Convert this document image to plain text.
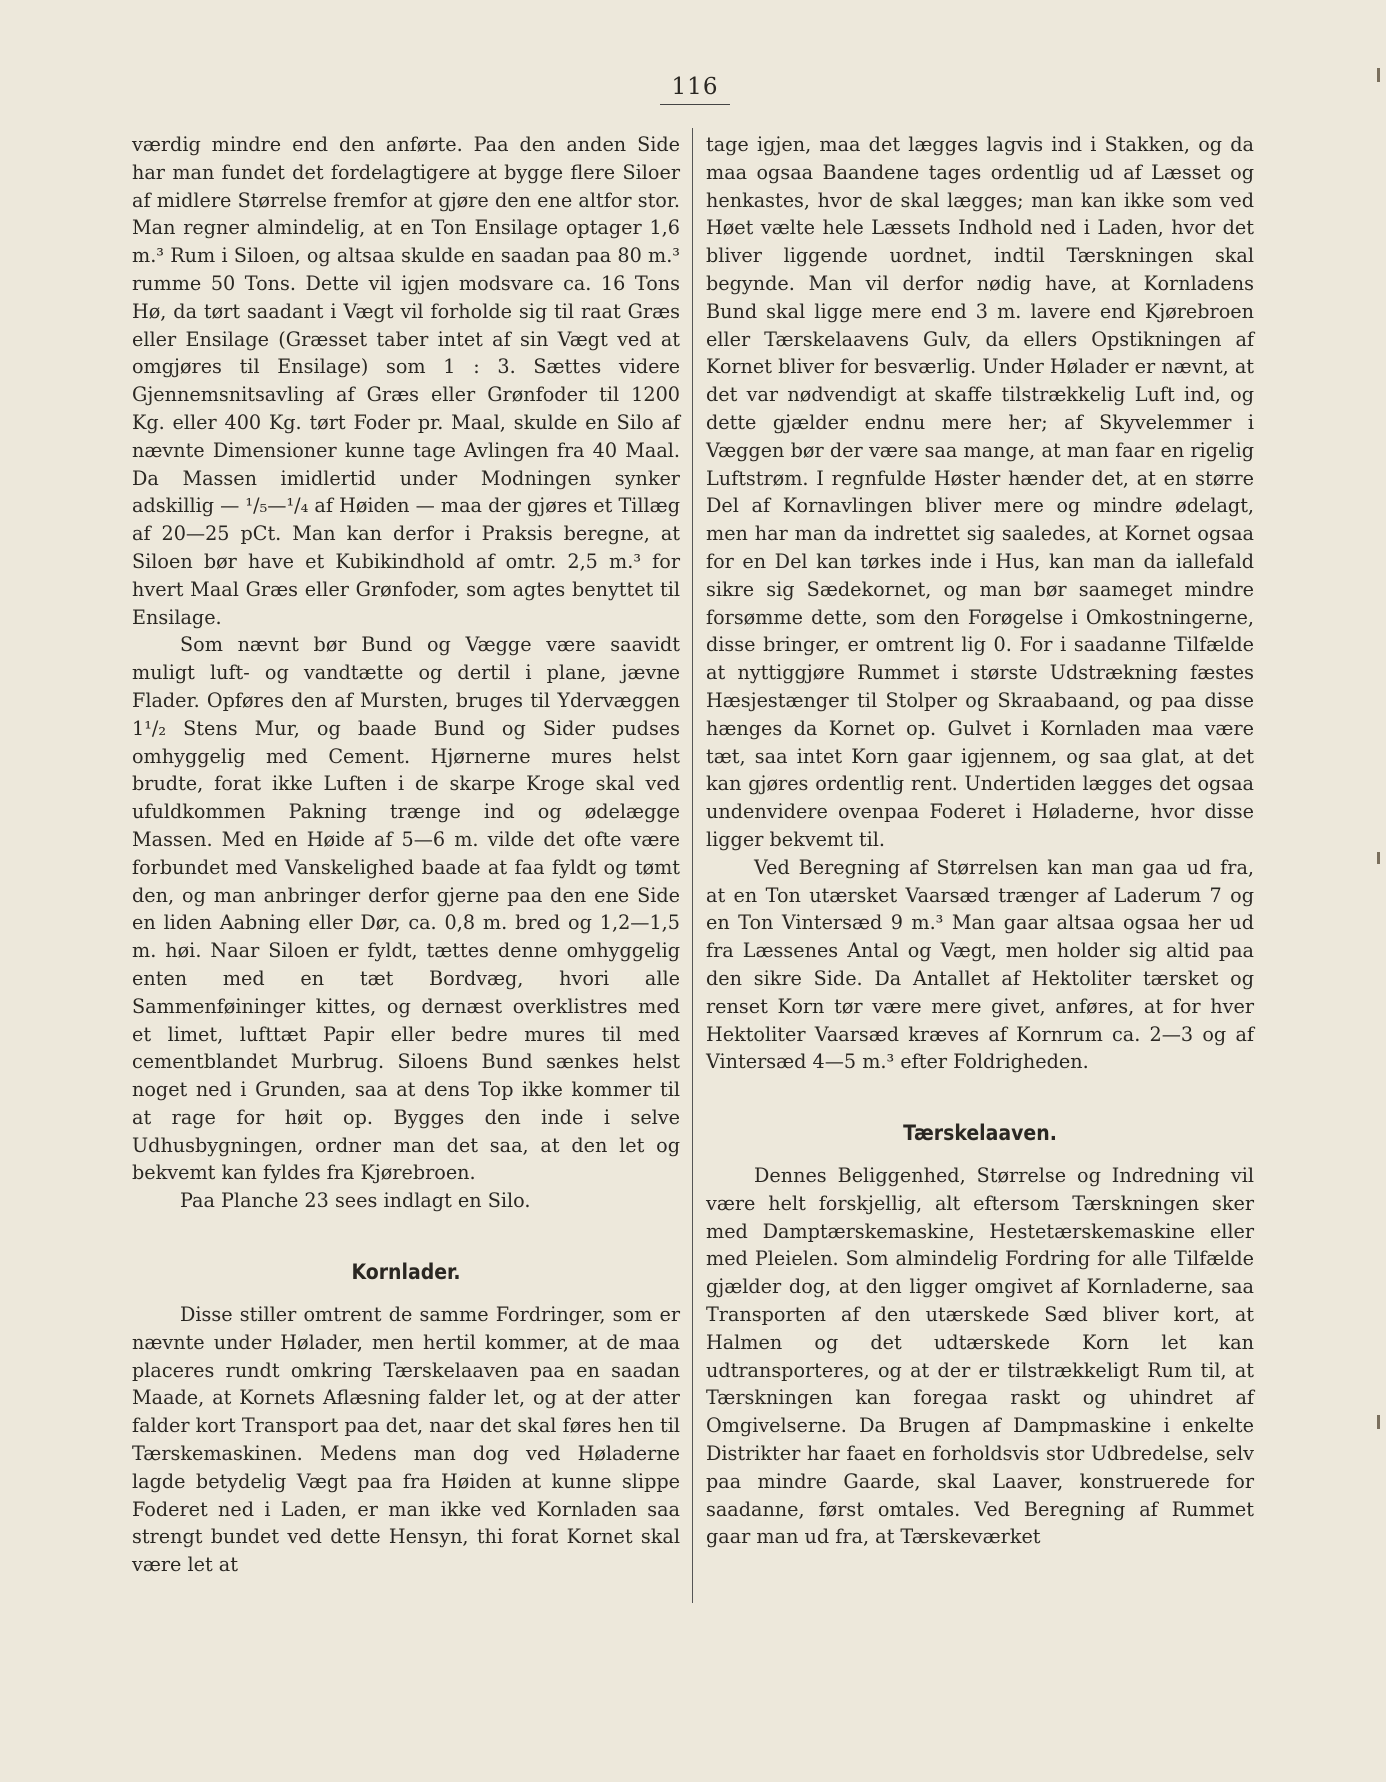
116

værdig mindre end den anførte. Paa den anden Side har man fundet det fordelagtigere at bygge flere Siloer af midlere Størrelse fremfor at gjøre den ene altfor stor. Man regner almindelig, at en Ton Ensilage optager 1,6 m.³ Rum i Siloen, og altsaa skulde en saadan paa 80 m.³ rumme 50 Tons. Dette vil igjen modsvare ca. 16 Tons Hø, da tørt saadant i Vægt vil forholde sig til raat Græs eller Ensilage (Græsset taber intet af sin Vægt ved at omgjøres til Ensilage) som 1 : 3. Sættes videre Gjennemsnitsavling af Græs eller Grønfoder til 1200 Kg. eller 400 Kg. tørt Foder pr. Maal, skulde en Silo af nævnte Dimensioner kunne tage Avlingen fra 40 Maal. Da Massen imidlertid under Modningen synker adskillig — ¹/₅—¹/₄ af Høiden — maa der gjøres et Tillæg af 20—25 pCt. Man kan derfor i Praksis beregne, at Siloen bør have et Kubikindhold af omtr. 2,5 m.³ for hvert Maal Græs eller Grønfoder, som agtes benyttet til Ensilage.

Som nævnt bør Bund og Vægge være saavidt muligt luft- og vandtætte og dertil i plane, jævne Flader. Opføres den af Mursten, bruges til Ydervæggen 1¹/₂ Stens Mur, og baade Bund og Sider pudses omhyggelig med Cement. Hjørnerne mures helst brudte, forat ikke Luften i de skarpe Kroge skal ved ufuldkommen Pakning trænge ind og ødelægge Massen. Med en Høide af 5—6 m. vilde det ofte være forbundet med Vanskelighed baade at faa fyldt og tømt den, og man anbringer derfor gjerne paa den ene Side en liden Aabning eller Dør, ca. 0,8 m. bred og 1,2—1,5 m. høi. Naar Siloen er fyldt, tættes denne omhyggelig enten med en tæt Bordvæg, hvori alle Sammenføininger kittes, og dernæst overklistres med et limet, lufttæt Papir eller bedre mures til med cementblandet Murbrug. Siloens Bund sænkes helst noget ned i Grunden, saa at dens Top ikke kommer til at rage for høit op. Bygges den inde i selve Udhusbygningen, ordner man det saa, at den let og bekvemt kan fyldes fra Kjørebroen.

Paa Planche 23 sees indlagt en Silo.

Kornlader.

Disse stiller omtrent de samme Fordringer, som er nævnte under Hølader, men hertil kommer, at de maa placeres rundt omkring Tærskelaaven paa en saadan Maade, at Kornets Aflæsning falder let, og at der atter falder kort Transport paa det, naar det skal føres hen til Tærskemaskinen. Medens man dog ved Høladerne lagde betydelig Vægt paa fra Høiden at kunne slippe Foderet ned i Laden, er man ikke ved Kornladen saa strengt bundet ved dette Hensyn, thi forat Kornet skal være let at

tage igjen, maa det lægges lagvis ind i Stakken, og da maa ogsaa Baandene tages ordentlig ud af Læsset og henkastes, hvor de skal lægges; man kan ikke som ved Høet vælte hele Læssets Indhold ned i Laden, hvor det bliver liggende uordnet, indtil Tærskningen skal begynde. Man vil derfor nødig have, at Kornladens Bund skal ligge mere end 3 m. lavere end Kjørebroen eller Tærskelaavens Gulv, da ellers Opstikningen af Kornet bliver for besværlig. Under Hølader er nævnt, at det var nødvendigt at skaffe tilstrækkelig Luft ind, og dette gjælder endnu mere her; af Skyvelemmer i Væggen bør der være saa mange, at man faar en rigelig Luftstrøm. I regnfulde Høster hænder det, at en større Del af Kornavlingen bliver mere og mindre ødelagt, men har man da indrettet sig saaledes, at Kornet ogsaa for en Del kan tørkes inde i Hus, kan man da iallefald sikre sig Sædekornet, og man bør saameget mindre forsømme dette, som den Forøgelse i Omkostningerne, disse bringer, er omtrent lig 0. For i saadanne Tilfælde at nyttiggjøre Rummet i største Udstrækning fæstes Hæsjestænger til Stolper og Skraabaand, og paa disse hænges da Kornet op. Gulvet i Kornladen maa være tæt, saa intet Korn gaar igjennem, og saa glat, at det kan gjøres ordentlig rent. Undertiden lægges det ogsaa undenvidere ovenpaa Foderet i Høladerne, hvor disse ligger bekvemt til.

Ved Beregning af Størrelsen kan man gaa ud fra, at en Ton utærsket Vaarsæd trænger af Laderum 7 og en Ton Vintersæd 9 m.³ Man gaar altsaa ogsaa her ud fra Læssenes Antal og Vægt, men holder sig altid paa den sikre Side. Da Antallet af Hektoliter tærsket og renset Korn tør være mere givet, anføres, at for hver Hektoliter Vaarsæd kræves af Kornrum ca. 2—3 og af Vintersæd 4—5 m.³ efter Foldrigheden.

Tærskelaaven.

Dennes Beliggenhed, Størrelse og Indredning vil være helt forskjellig, alt eftersom Tærskningen sker med Damptærskemaskine, Hestetærskemaskine eller med Pleielen. Som almindelig Fordring for alle Tilfælde gjælder dog, at den ligger omgivet af Kornladerne, saa Transporten af den utærskede Sæd bliver kort, at Halmen og det udtærskede Korn let kan udtransporteres, og at der er tilstrækkeligt Rum til, at Tærskningen kan foregaa raskt og uhindret af Omgivelserne. Da Brugen af Dampmaskine i enkelte Distrikter har faaet en forholdsvis stor Udbredelse, selv paa mindre Gaarde, skal Laaver, konstruerede for saadanne, først omtales. Ved Beregning af Rummet gaar man ud fra, at Tærskeværket
